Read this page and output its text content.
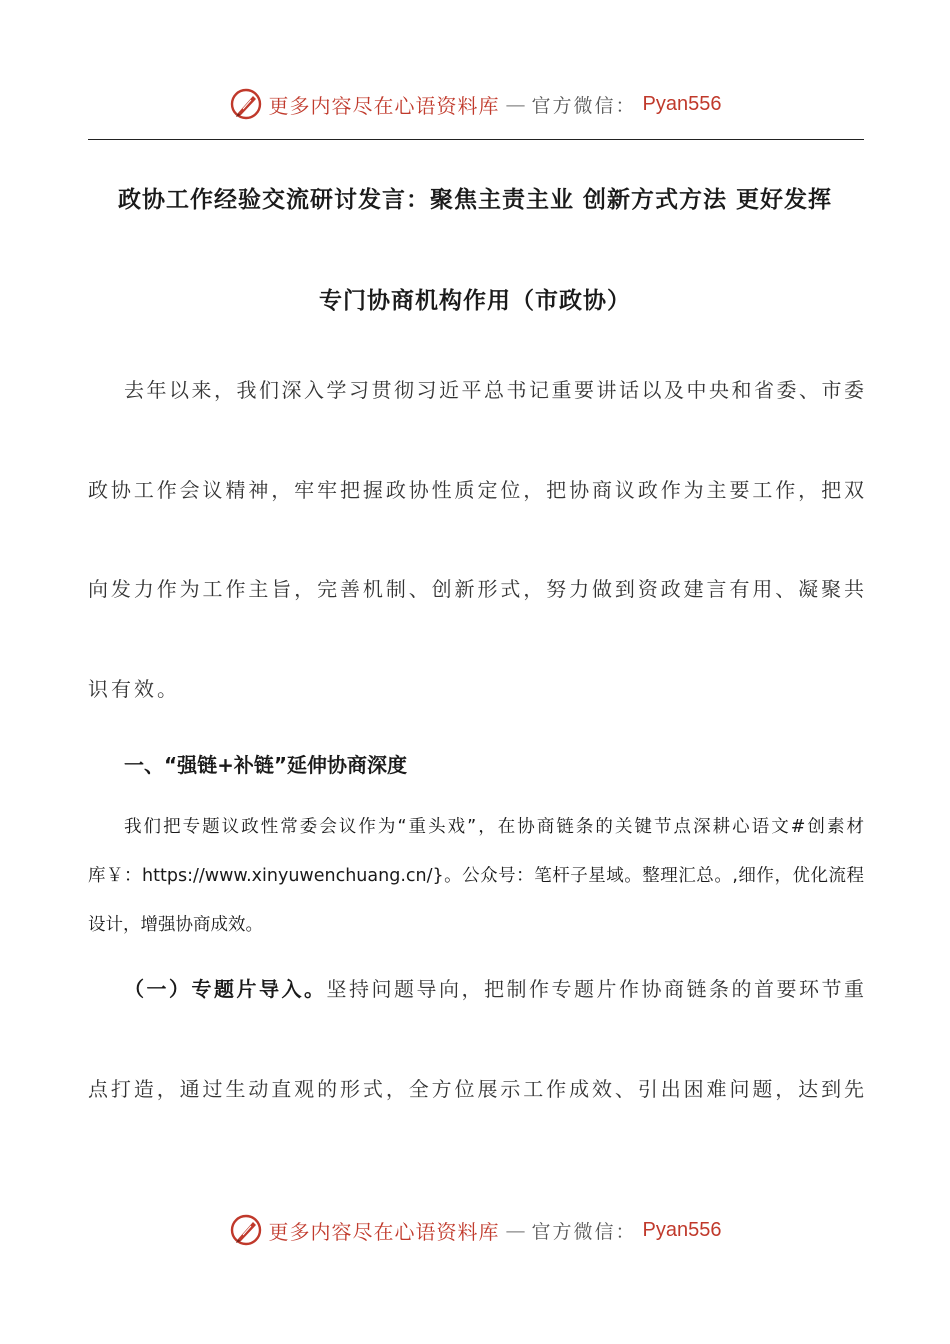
更多内容尽在心语资料库 — 官方微信： Pyan556
政协工作经验交流研讨发言：聚焦主责主业 创新方式方法 更好发挥
专门协商机构作用（市政协）
去年以来，我们深入学习贯彻习近平总书记重要讲话以及中央和省委、市委
政协工作会议精神，牢牢把握政协性质定位，把协商议政作为主要工作，把双
向发力作为工作主旨，完善机制、创新形式，努力做到资政建言有用、凝聚共
识有效。
一、“强链+补链”延伸协商深度
我们把专题议政性常委会议作为“重头戏”，在协商链条的关键节点深耕心语文#创素材
库￥：https://www.xinyuwenchuang.cn/}。公众号：笔杆子星域。整理汇总。,细作，优化流程
设计，增强协商成效。
（一）专题片导入。坚持问题导向，把制作专题片作协商链条的首要环节重
点打造，通过生动直观的形式，全方位展示工作成效、引出困难问题，达到先
更多内容尽在心语资料库 — 官方微信： Pyan556
